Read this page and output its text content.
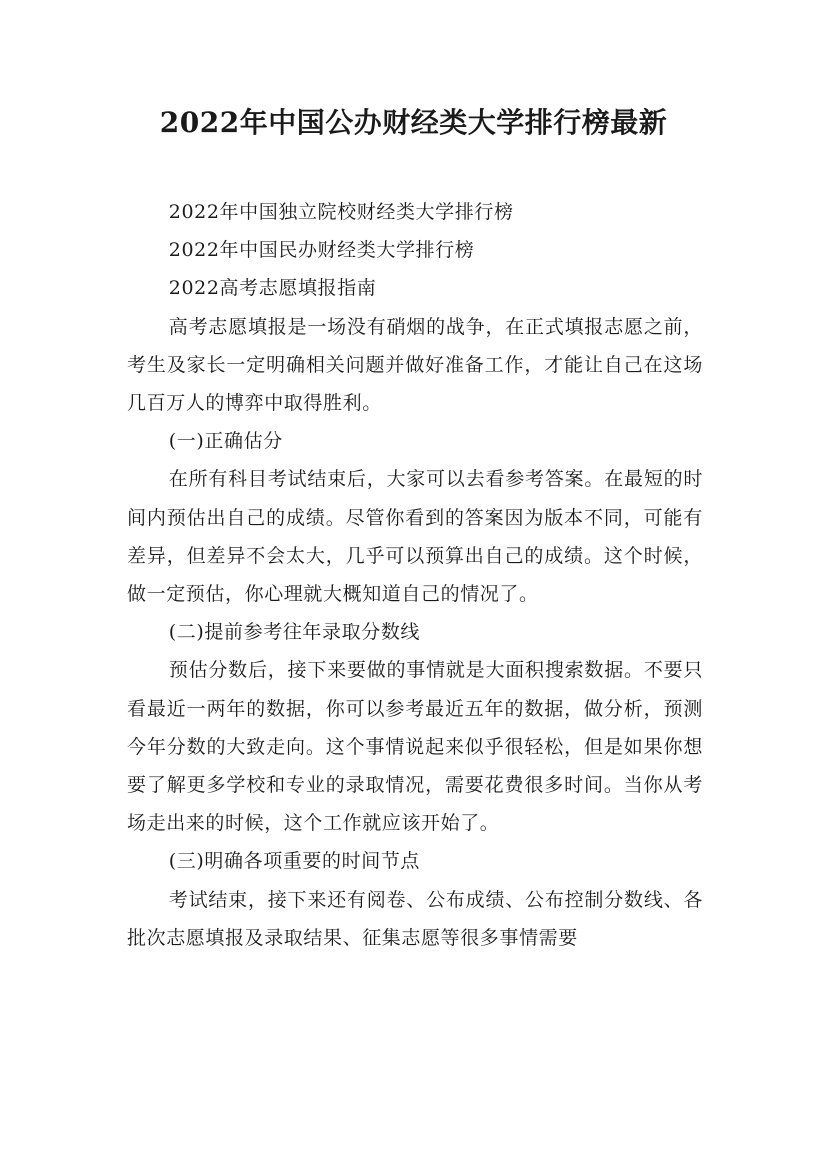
2022年中国公办财经类大学排行榜最新

2022年中国独立院校财经类大学排行榜

2022年中国民办财经类大学排行榜

2022高考志愿填报指南

高考志愿填报是一场没有硝烟的战争，在正式填报志愿之前，考生及家长一定明确相关问题并做好准备工作，才能让自己在这场几百万人的博弈中取得胜利。

(一)正确估分

在所有科目考试结束后，大家可以去看参考答案。在最短的时间内预估出自己的成绩。尽管你看到的答案因为版本不同，可能有差异，但差异不会太大，几乎可以预算出自己的成绩。这个时候，做一定预估，你心理就大概知道自己的情况了。

(二)提前参考往年录取分数线

预估分数后，接下来要做的事情就是大面积搜索数据。不要只看最近一两年的数据，你可以参考最近五年的数据，做分析，预测今年分数的大致走向。这个事情说起来似乎很轻松，但是如果你想要了解更多学校和专业的录取情况，需要花费很多时间。当你从考场走出来的时候，这个工作就应该开始了。

(三)明确各项重要的时间节点

考试结束，接下来还有阅卷、公布成绩、公布控制分数线、各批次志愿填报及录取结果、征集志愿等很多事情需要
